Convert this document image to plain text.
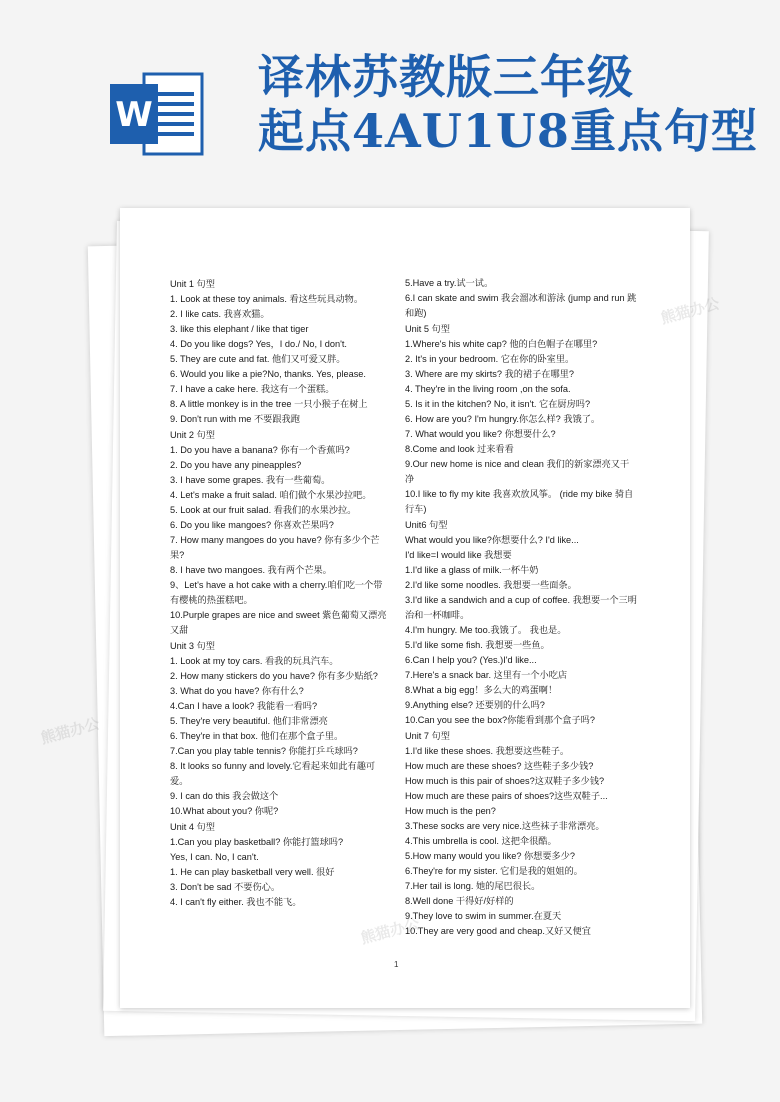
W
译林苏教版三年级
起点4AU1U8重点句型
Unit 1 句型
1. Look at these toy animals. 看这些玩具动物。
2. I like cats. 我喜欢猫。
3. like this elephant / like that tiger
4. Do you like dogs? Yes，I do./ No, I don't.
5. They are cute and fat. 他们又可爱又胖。
6. Would you like a pie?No, thanks. Yes, please.
7. I have a cake here. 我这有一个蛋糕。
8. A little monkey is in the tree 一只小猴子在树上
9. Don't run with me 不要跟我跑
Unit 2 句型
1. Do you have a banana? 你有一个香蕉吗?
2. Do you have any pineapples?
3. I have some grapes. 我有一些葡萄。
4. Let's make a fruit salad. 咱们做个水果沙拉吧。
5. Look at our fruit salad. 看我们的水果沙拉。
6. Do you like mangoes? 你喜欢芒果吗?
7. How many mangoes do you have? 你有多少个芒果?
8. I have two mangoes. 我有两个芒果。
9、Let's have a hot cake with a cherry.咱们吃一个带有樱桃的热蛋糕吧。
10.Purple grapes are nice and sweet 紫色葡萄又漂亮又甜
Unit 3 句型
1. Look at my toy cars. 看我的玩具汽车。
2. How many stickers do you have? 你有多少贴纸?
3. What do you have? 你有什么?
4.Can I have a look? 我能看一看吗?
5. They're very beautiful. 他们非常漂亮
6. They're in that box. 他们在那个盒子里。
7.Can you play table tennis? 你能打乒乓球吗?
8. It looks so funny and lovely.它看起来如此有趣可爱。
9. I can do this 我会做这个
10.What about you? 你呢?
Unit 4 句型
1.Can you play basketball? 你能打篮球吗?
Yes, I can. No, I can't.
1. He can play basketball very well. 很好
3. Don't be sad 不要伤心。
4. I can't fly either. 我也不能飞。
5.Have a try.试一试。
6.I can skate and swim 我会溜冰和游泳 (jump and run 跳和跑)
Unit 5 句型
1.Where's his white cap? 他的白色帽子在哪里?
2. It's in your bedroom. 它在你的卧室里。
3. Where are my skirts? 我的裙子在哪里?
4. They're in the living room ,on the sofa.
5. Is it in the kitchen? No, it isn't. 它在厨房吗?
6. How are you? I'm hungry.你怎么样? 我饿了。
7. What would you like? 你想要什么?
8.Come and look 过来看看
9.Our new home is nice and clean 我们的新家漂亮又干净
10.I like to fly my kite 我喜欢放风筝。 (ride my bike 骑自行车)
Unit6 句型
What would you like?你想要什么? I'd like...
I'd like=I would like 我想要
1.I'd like a glass of milk.一杯牛奶
2.I'd like some noodles. 我想要一些面条。
3.I'd like a sandwich and a cup of coffee. 我想要一个三明治和一杯咖啡。
4.I'm hungry. Me too.我饿了。 我也是。
5.I'd like some fish. 我想要一些鱼。
6.Can I help you? (Yes.)I'd like...
7.Here's a snack bar. 这里有一个小吃店
8.What a big egg！多么大的鸡蛋啊！
9.Anything else? 还要别的什么吗?
10.Can you see the box?你能看到那个盒子吗?
Unit 7 句型
1.I'd like these shoes. 我想要这些鞋子。
How much are these shoes? 这些鞋子多少钱?
How much is this pair of shoes?这双鞋子多少钱?
How much are these pairs of shoes?这些双鞋子...
How much is the pen?
3.These socks are very nice.这些袜子非常漂亮。
4.This umbrella is cool. 这把伞很酷。
5.How many would you like? 你想要多少?
6.They're for my sister. 它们是我的姐姐的。
7.Her tail is long. 她的尾巴很长。
8.Well done 干得好/好样的
9.They love to swim in summer.在夏天
10.They are very good and cheap.又好又便宜
1
熊猫办公
